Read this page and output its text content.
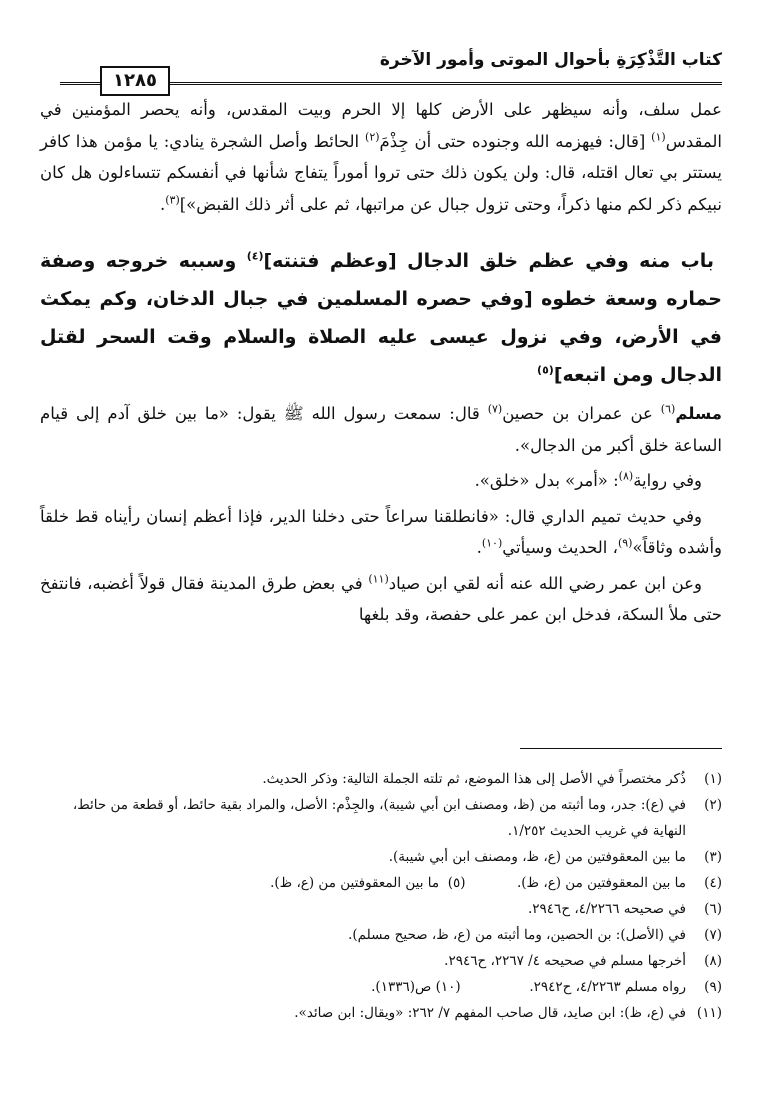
كتاب التَّذْكِرَةِ بأحوال الموتى وأمور الآخرة
١٢٨٥

عمل سلف، وأنه سيظهر على الأرض كلها إلا الحرم وبيت المقدس، وأنه يحصر المؤمنين في المقدس$^{(١)}$ [قال: فيهزمه الله وجنوده حتى أن جِذْمَ$^{(٢)}$ الحائط وأصل الشجرة ينادي: يا مؤمن هذا كافر يستتر بي تعال اقتله، قال: ولن يكون ذلك حتى تروا أموراً يتفاج شأنها في أنفسكم تتساءلون هل كان نبيكم ذكر لكم منها ذكراً، وحتى تزول جبال عن مراتبها، ثم على أثر ذلك القبض»]$^{(٣)}$.

باب منه وفي عظم خلق الدجال [وعظم فتنته]$^{(٤)}$ وسببه خروجه وصفة حماره وسعة خطوه [وفي حصره المسلمين في جبال الدخان، وكم يمكث في الأرض، وفي نزول عيسى عليه الصلاة والسلام وقت السحر لقتل الدجال ومن اتبعه]$^{(٥)}$

مسلم$^{(٦)}$ عن عمران بن حصين$^{(٧)}$ قال: سمعت رسول الله ﷺ يقول: «ما بين خلق آدم إلى قيام الساعة خلق أكبر من الدجال».

وفي رواية$^{(٨)}$: «أمر» بدل «خلق».

وفي حديث تميم الداري قال: «فانطلقنا سراعاً حتى دخلنا الدير، فإذا أعظم إنسان رأيناه قط خلقاً وأشده وثاقاً»$^{(٩)}$، الحديث وسيأتي$^{(١٠)}$.

وعن ابن عمر رضي الله عنه أنه لقي ابن صياد$^{(١١)}$ في بعض طرق المدينة فقال قولاً أغضبه، فانتفخ حتى ملأ السكة، فدخل ابن عمر على حفصة، وقد بلغها

(١)
ذُكر مختصراً في الأصل إلى هذا الموضع، ثم تلته الجملة التالية: وذكر الحديث.

(٢)
في (ع): جدر، وما أثبته من (ظ، ومصنف ابن أبي شيبة)، والجِذْم: الأصل، والمراد بقية حائط، أو قطعة من حائط، النهاية في غريب الحديث ١/٢٥٢.

(٣)
ما بين المعقوفتين من (ع، ظ، ومصنف ابن أبي شيبة).

(٤)
ما بين المعقوفتين من (ع، ظ).            (٥)  ما بين المعقوفتين من (ع، ظ).

(٦)
في صحيحه ٤/٢٢٦٦، ح٢٩٤٦.

(٧)
في (الأصل): بن الحصين، وما أثبته من (ع، ظ، صحيح مسلم).

(٨)
أخرجها مسلم في صحيحه ٤/ ٢٢٦٧، ح٢٩٤٦.

(٩)
رواه مسلم ٤/٢٢٦٣، ح٢٩٤٢.                (١٠) ص(١٣٣٦).

(١١)
في (ع، ظ): ابن صايد، قال صاحب المفهم ٧/ ٢٦٢: «ويقال: ابن صائد».
